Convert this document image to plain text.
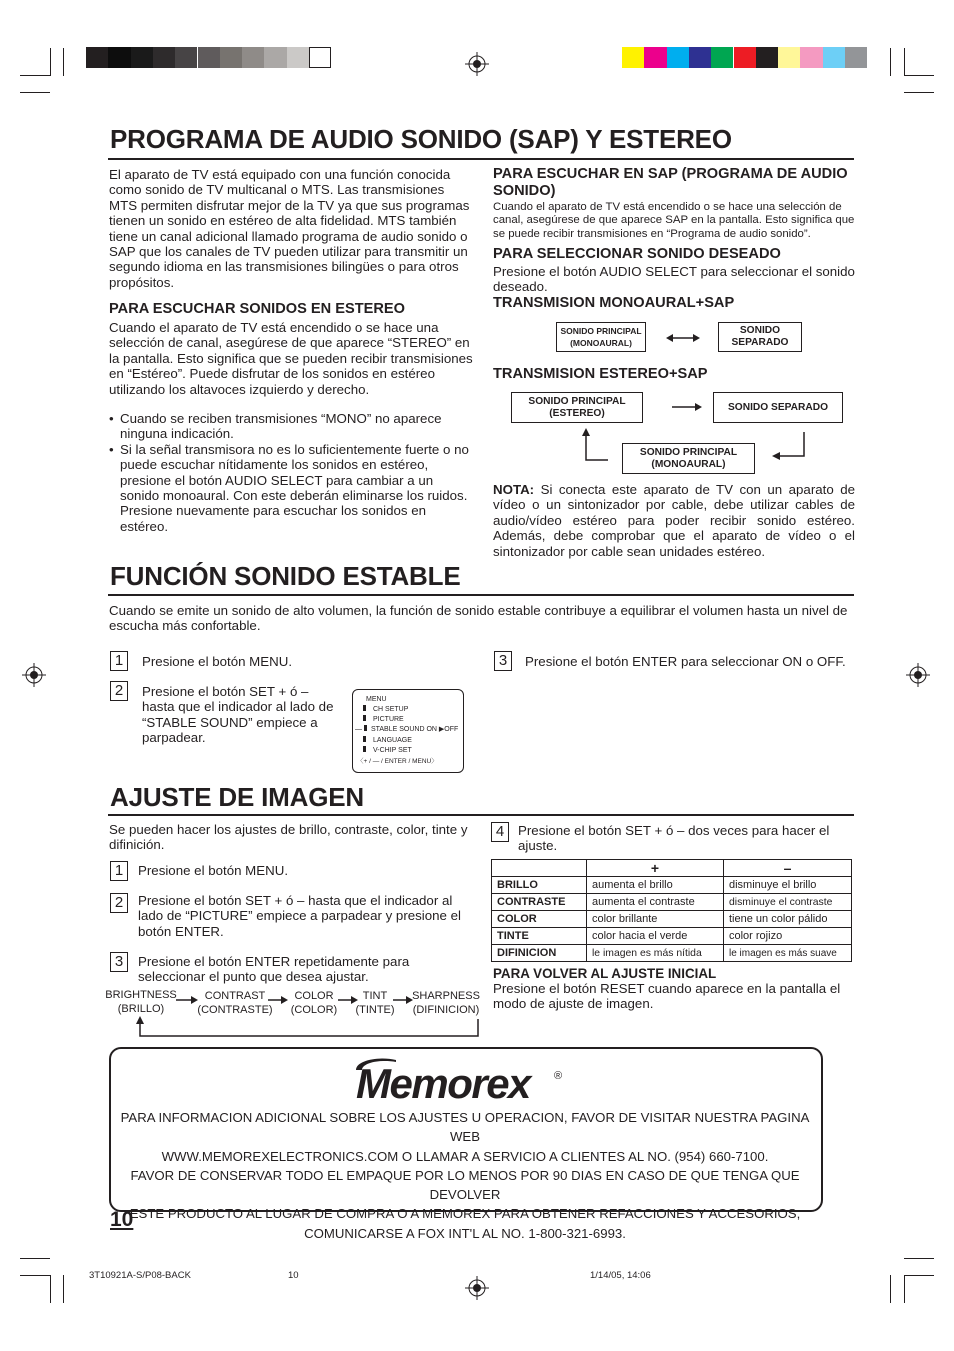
PROGRAMA DE AUDIO SONIDO (SAP) Y ESTEREO
El aparato de TV está equipado con una función conocida como sonido de TV multicanal o MTS. Las transmisiones MTS permiten disfrutar mejor de la TV ya que sus programas tienen un sonido en estéreo de alta fidelidad. MTS también tiene un canal adicional llamado programa de audio sonido o SAP que los canales de TV pueden utilizar para transmitir un segundo idioma en las transmisiones bilingües o para otros propósitos.
PARA ESCUCHAR SONIDOS EN ESTEREO
Cuando el aparato de TV está encendido o se hace una selección de canal, asegúrese de que aparece “STEREO” en la pantalla. Esto significa que se pueden recibir transmisiones en “Estéreo”. Puede disfrutar de los sonidos en estéreo utilizando los altavoces izquierdo y derecho.
• Cuando se reciben transmisiones “MONO” no aparece ninguna indicación.
• Si la señal transmisora no es lo suficientemente fuerte o no puede escuchar nítidamente los sonidos en estéreo, presione el botón AUDIO SELECT para cambiar a un sonido monoaural. Con este deberán eliminarse los ruidos. Presione nuevamente para escuchar los sonidos en estéreo.
PARA ESCUCHAR EN SAP (PROGRAMA DE AUDIO SONIDO)
Cuando el aparato de TV está encendido o se hace una selección de canal, asegúrese de que aparece SAP en la pantalla. Esto significa que se puede recibir transmisiones en “Programa de audio sonido”.
PARA SELECCIONAR SONIDO DESEADO
Presione el botón AUDIO SELECT para seleccionar el sonido deseado.
TRANSMISION MONOAURAL+SAP
SONIDO PRINCIPAL
(MONOAURAL)
SONIDO
SEPARADO
TRANSMISION ESTEREO+SAP
SONIDO PRINCIPAL
(ESTEREO)
SONIDO SEPARADO
SONIDO PRINCIPAL
(MONOAURAL)
NOTA: Si conecta este aparato de TV con un aparato de vídeo o un sintonizador por cable, debe utilizar cables de audio/vídeo estéreo para poder recibir sonido estéreo. Además, debe comprobar que el aparato de vídeo o el sintonizador por cable sean unidades estéreo.
FUNCIÓN SONIDO ESTABLE
Cuando se emite un sonido de alto volumen, la función de sonido estable contribuye a equilibrar el volumen hasta un nivel de escucha más confortable.
1	Presione el botón MENU.
2	Presione el botón SET + ó – hasta que el indicador al lado de “STABLE SOUND” empiece a parpadear.
3	Presione el botón ENTER para seleccionar ON o OFF.
MENU
CH SETUP
PICTURE
— STABLE SOUND ON ▶OFF
LANGUAGE
V-CHIP SET
〈+ / — / ENTER / MENU〉
AJUSTE DE IMAGEN
Se pueden hacer los ajustes de brillo, contraste, color, tinte y difinición.
1	Presione el botón MENU.
2	Presione el botón SET + ó – hasta que el indicador al lado de “PICTURE” empiece a parpadear y presione el botón ENTER.
3	Presione el botón ENTER repetidamente para seleccionar el punto que desea ajustar.
BRIGHTNESS
(BRILLO)
CONTRAST
(CONTRASTE)
COLOR
(COLOR)
TINT
(TINTE)
SHARPNESS
(DIFINICION)
4	Presione el botón SET + ó – dos veces para hacer el ajuste.
	+	–
BRILLO	aumenta el brillo	disminuye el brillo
CONTRASTE	aumenta el contraste	disminuye el contraste
COLOR	color brillante	tiene un color pálido
TINTE	color hacia el verde	color rojizo
DIFINICION	le imagen es más nítida	le imagen es más suave
PARA VOLVER AL AJUSTE INICIAL
Presione el botón RESET cuando aparece en la pantalla el modo de ajuste de imagen.
Memorex ®
PARA INFORMACION ADICIONAL SOBRE LOS AJUSTES U OPERACION, FAVOR DE VISITAR NUESTRA PAGINA WEB
WWW.MEMOREXELECTRONICS.COM O LLAMAR A SERVICIO A CLIENTES AL NO. (954) 660-7100.
FAVOR DE CONSERVAR TODO EL EMPAQUE POR LO MENOS POR 90 DIAS EN CASO DE QUE TENGA QUE DEVOLVER
ESTE PRODUCTO AL LUGAR DE COMPRA O A MEMOREX PARA OBTENER REFACCIONES Y ACCESORIOS,
COMUNICARSE A FOX INT'L AL NO. 1-800-321-6993.
10
3T10921A-S/P08-BACK	10	1/14/05, 14:06
